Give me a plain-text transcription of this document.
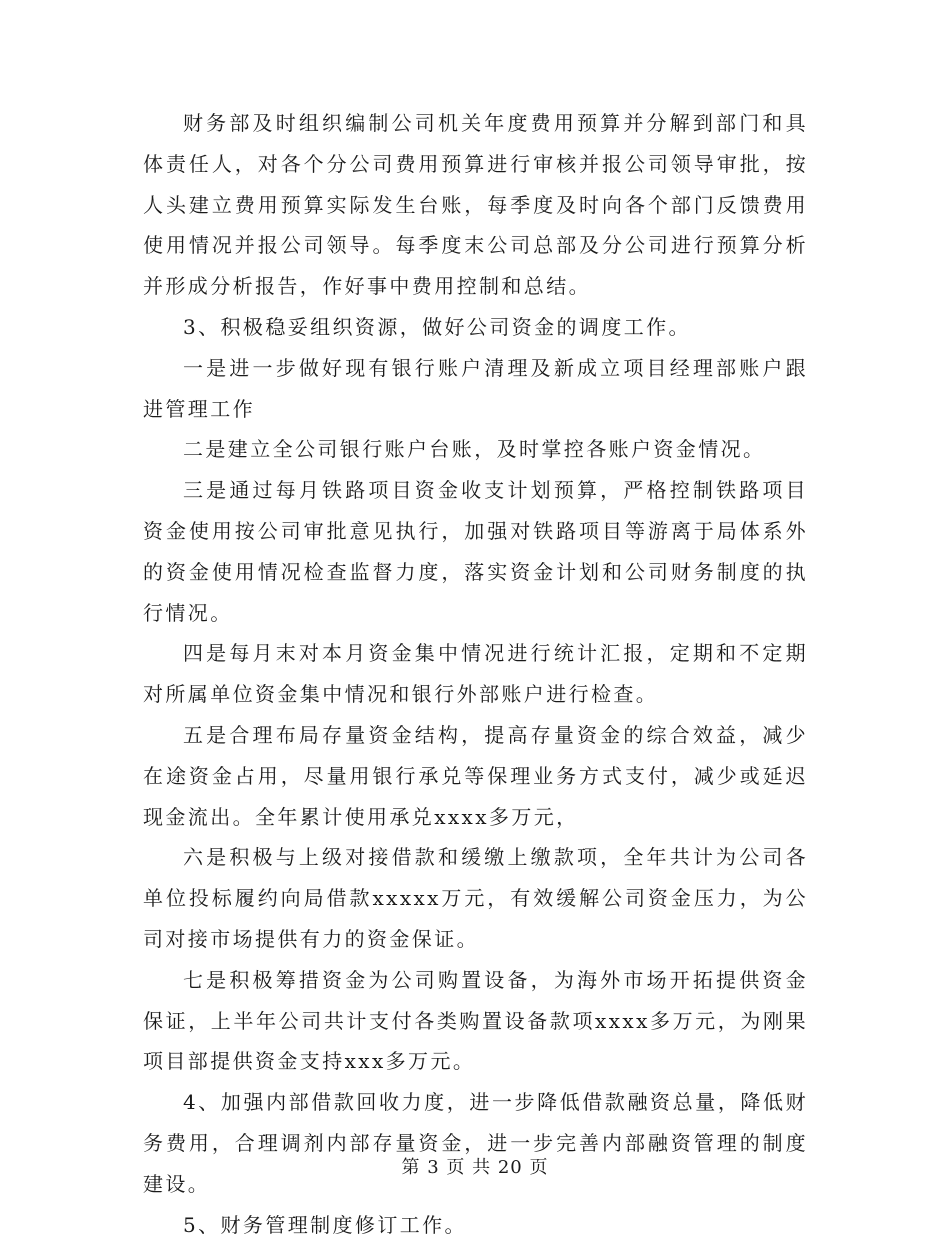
财务部及时组织编制公司机关年度费用预算并分解到部门和具体责任人，对各个分公司费用预算进行审核并报公司领导审批，按人头建立费用预算实际发生台账，每季度及时向各个部门反馈费用使用情况并报公司领导。每季度末公司总部及分公司进行预算分析并形成分析报告，作好事中费用控制和总结。

3、积极稳妥组织资源，做好公司资金的调度工作。

一是进一步做好现有银行账户清理及新成立项目经理部账户跟进管理工作

二是建立全公司银行账户台账，及时掌控各账户资金情况。

三是通过每月铁路项目资金收支计划预算，严格控制铁路项目资金使用按公司审批意见执行，加强对铁路项目等游离于局体系外的资金使用情况检查监督力度，落实资金计划和公司财务制度的执行情况。

四是每月末对本月资金集中情况进行统计汇报，定期和不定期对所属单位资金集中情况和银行外部账户进行检查。

五是合理布局存量资金结构，提高存量资金的综合效益，减少在途资金占用，尽量用银行承兑等保理业务方式支付，减少或延迟现金流出。全年累计使用承兑xxxx多万元，

六是积极与上级对接借款和缓缴上缴款项，全年共计为公司各单位投标履约向局借款xxxxx万元，有效缓解公司资金压力，为公司对接市场提供有力的资金保证。

七是积极筹措资金为公司购置设备，为海外市场开拓提供资金保证，上半年公司共计支付各类购置设备款项xxxx多万元，为刚果项目部提供资金支持xxx多万元。

4、加强内部借款回收力度，进一步降低借款融资总量，降低财务费用，合理调剂内部存量资金，进一步完善内部融资管理的制度建设。

5、财务管理制度修订工作。

第 3 页 共 20 页
